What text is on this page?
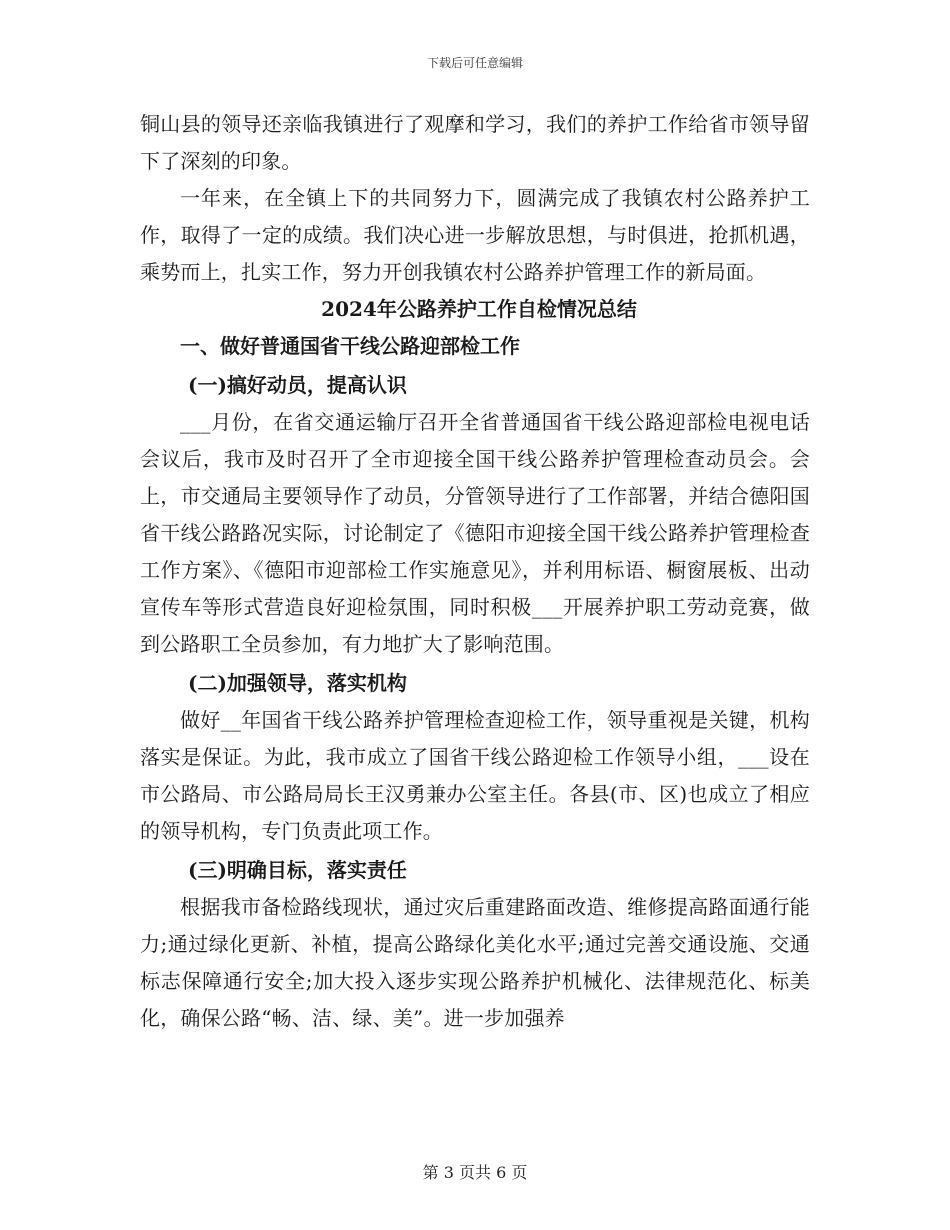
下载后可任意编辑

铜山县的领导还亲临我镇进行了观摩和学习，我们的养护工作给省市领导留下了深刻的印象。

一年来，在全镇上下的共同努力下，圆满完成了我镇农村公路养护工作，取得了一定的成绩。我们决心进一步解放思想，与时俱进，抢抓机遇，乘势而上，扎实工作，努力开创我镇农村公路养护管理工作的新局面。

2024年公路养护工作自检情况总结

一、做好普通国省干线公路迎部检工作

(一)搞好动员，提高认识

___月份，在省交通运输厅召开全省普通国省干线公路迎部检电视电话会议后，我市及时召开了全市迎接全国干线公路养护管理检查动员会。会上，市交通局主要领导作了动员，分管领导进行了工作部署，并结合德阳国省干线公路路况实际，讨论制定了《德阳市迎接全国干线公路养护管理检查工作方案》、《德阳市迎部检工作实施意见》，并利用标语、橱窗展板、出动宣传车等形式营造良好迎检氛围，同时积极___开展养护职工劳动竞赛，做到公路职工全员参加，有力地扩大了影响范围。

(二)加强领导，落实机构

做好__年国省干线公路养护管理检查迎检工作，领导重视是关键，机构落实是保证。为此，我市成立了国省干线公路迎检工作领导小组，___设在市公路局、市公路局局长王汉勇兼办公室主任。各县(市、区)也成立了相应的领导机构，专门负责此项工作。

(三)明确目标，落实责任

根据我市备检路线现状，通过灾后重建路面改造、维修提高路面通行能力;通过绿化更新、补植，提高公路绿化美化水平;通过完善交通设施、交通标志保障通行安全;加大投入逐步实现公路养护机械化、法律规范化、标美化，确保公路“畅、洁、绿、美”。进一步加强养

第 3 页共 6 页
